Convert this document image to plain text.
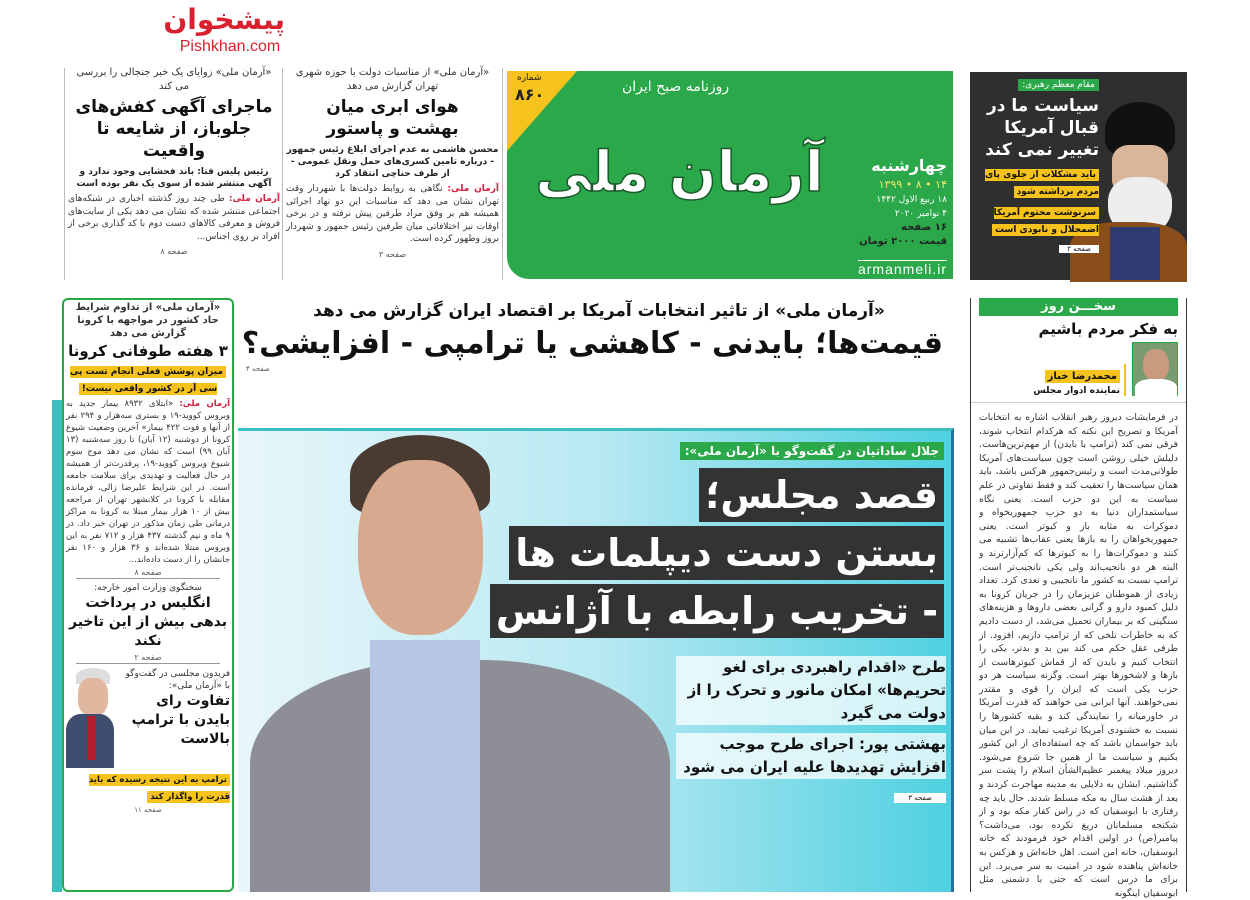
پیشخوان
Pishkhan.com
«آرمان ملی» زوایای یک خبر جنجالی را بررسی می کند
ماجرای آگهی کفش‌های جلوباز، از شایعه تا واقعیت
رئیس پلیس فتا: باند فحشایی وجود ندارد و آگهی منتشر شده از سوی یک نفر بوده است
آرمان ملی: طی چند روز گذشته اخباری در شبکه‌های اجتماعی منتشر شده که نشان می دهد یکی از سایت‌های فروش و معرفی کالاهای دست دوم با کد گذاری برخی از افراد بر روی اجناس...
صفحه ۸
«آرمان ملی» از مناسبات دولت با حوزه شهری تهران گزارش می دهد
هوای ابری میان بهشت و پاستور
محسن هاشمی به عدم اجرای ابلاغ رئیس جمهور - درباره تامین کسری‌های حمل ونقل عمومی - از طرف حناچی انتقاد کرد
آرمان ملی: نگاهی به روابط دولت‌ها با شهردار وقت تهران نشان می دهد که مناسبات این دو نهاد اجرائی همیشه هم بر وفق مراد طرفین پیش نرفته و در برخی اوقات نیز اختلافاتی میان طرفین رئیس جمهور و شهردار بروز وظهور کرده است.
صفحه ۳
شماره
۸۶۰	روزنامه صبح ایران
آرمان ملی	چهارشنبه
۱۴ • ۸ • ۱۳۹۹
۱۸ ربیع الاول ۱۴۴۲
۴ نوامبر ۲۰۲۰
۱۶ صفحه
قیمت ۲۰۰۰ تومان
armanmeli.ir
مقام معظم رهبری:
سیاست ما در قبال آمریکا تغییر نمی کند
باید مشکلات از جلوی پای مردم برداشته شود
سرنوشت محتوم آمریکا اضمحلال و نابودی است
صفحه ۲
«آرمان ملی» از تاثیر انتخابات آمریکا بر اقتصاد ایران گزارش می دهد
قیمت‌ها؛ بایدنی - کاهشی یا ترامپی - افزایشی؟
صفحه ۴
«آرمان ملی» از تداوم شرایط حاد کشور در مواجهه با کرونا گزارش می دهد
۳ هفته طوفانی کرونا
میزان پوشش فعلی انجام تست پی سی آر در کشور واقعی نیست!
آرمان ملی: «ابتلای ۸۹۳۲ بیمار جدید به ویروس کووید-۱۹ و بستری سه‌هزار و ۲۹۴ نفر از آنها و فوت ۴۲۲ بیمار» آخرین وضعیت شیوع کرونا از دوشنبه (۱۲ آبان) تا روز سه‌شنبه (۱۳ آبان ۹۹) است که نشان می دهد موج سوم شیوع ویروس کووید-۱۹، پرقدرت‌تر از همیشه در حال فعالیت و تهدیدی برای سلامت جامعه است. در این شرایط علیرضا زالی، فرمانده مقابله با کرونا در کلانشهر تهران از مراجعه بیش از ۱۰ هزار بیمار مبتلا به کرونا به مراکز درمانی طی زمان مذکور در تهران خبر داد. در ۹ ماه و نیم گذشته ۴۳۷ هزار و ۷۱۲ نفر به این ویروس مبتلا شده‌اند و ۳۶ هزار و ۱۶۰ نفر جانشان را از دست داده‌اند...
صفحه ۸
سخنگوی وزارت امور خارجه:
انگلیس در پرداخت بدهی بیش از این تاخیر نکند
صفحه ۲
فریدون مجلسی در گفت‌وگو با «آرمان ملی»:
تفاوت رای بایدن با ترامپ بالاست
ترامپ به این نتیجه رسیده که باید قدرت را واگذار کند
صفحه ۱۱
جلال ساداتیان در گفت‌وگو با «آرمان ملی»:
قصد مجلس؛
بستن دست دیپلمات ها
- تخریب رابطه با آژانس
طرح «اقدام راهبردی برای لغو تحریم‌ها» امکان مانور و تحرک را از دولت می گیرد
بهشتی پور: اجرای طرح موجب افزایش تهدیدها علیه ایران می شود
صفحه ۳
سخـــن روز
به فکر مردم باشیم
محمدرضا خباز
نماینده ادوار مجلس
در فرمایشات دیروز رهبر انقلاب اشاره به انتخابات آمریکا و تصریح این نکته که هرکدام انتخاب شوند، فرقی نمی کند (ترامپ یا بایدن) از مهم‌ترین‌هاست. دلیلش خیلی روشن است چون سیاست‌های آمریکا طولانی‌مدت است و رئیس‌جمهور هرکس باشد، باید همان سیاست‌ها را تعقیب کند و فقط تفاوتی در علم سیاست به این دو حزب است. یعنی نگاه سیاستمداران دنیا به دو حزب جمهوریخواه و دموکرات به مثابه باز و کبوتر است. یعنی جمهوریخواهان را به بازها یعنی عقاب‌ها تشبیه می کنند و دموکرات‌ها را به کبوترها که کم‌آزارترند و البته هر دو نانجیب‌اند ولی یکی نانجیب‌تر است. ترامپ نسبت به کشور ما نانجیبی و تعدی کرد. تعداد زیادی از هموطنان عزیزمان را در جریان کرونا به دلیل کمبود دارو و گرانی بعضی داروها و هزینه‌های سنگینی که بر بیماران تحمیل می‌شد، از دست دادیم که به خاطرات تلخی که از ترامپ داریم، افزود. از طرفی عقل حکم می کند بین بد و بدتر، یکی را انتخاب کنیم و بایدن که از قماش کبوترهاست از بازها و لاشخورها بهتر است. وگرنه سیاست هر دو حزب یکی است که ایران را قوی و مقتدر نمی‌خواهند. آنها ایرانی می خواهند که قدرت آمریکا در خاورمیانه را نمایندگی کند و بقیه کشورها را نسبت به خشنودی آمریکا ترغیب نماید. در این میان باید حواسمان باشد که چه استفاده‌ای از این کشور بکنیم و سیاست ما از همین جا شروع می‌شود. دیروز میلاد پیغمبر عظیم‌الشأن اسلام را پشت سر گذاشتیم. ایشان به دلایلی به مدینه مهاجرت کردند و بعد از هشت سال به مکه مسلط شدند. حال باید چه رفتاری با ابوسفیان که در راس کفار مکه بود و از شکنجه مسلمانان دریغ نکرده بود، می‌داشت؟ پیامبر(ص) در اولین اقدام خود فرمودند که خانه ابوسفیان، خانه امن است. اهل خانه‌اش و هرکس به خانه‌اش پناهنده شود در امنیت به سر می‌برد. این برای ما درس است که حتی با دشمنی مثل ابوسفیان اینگونه
